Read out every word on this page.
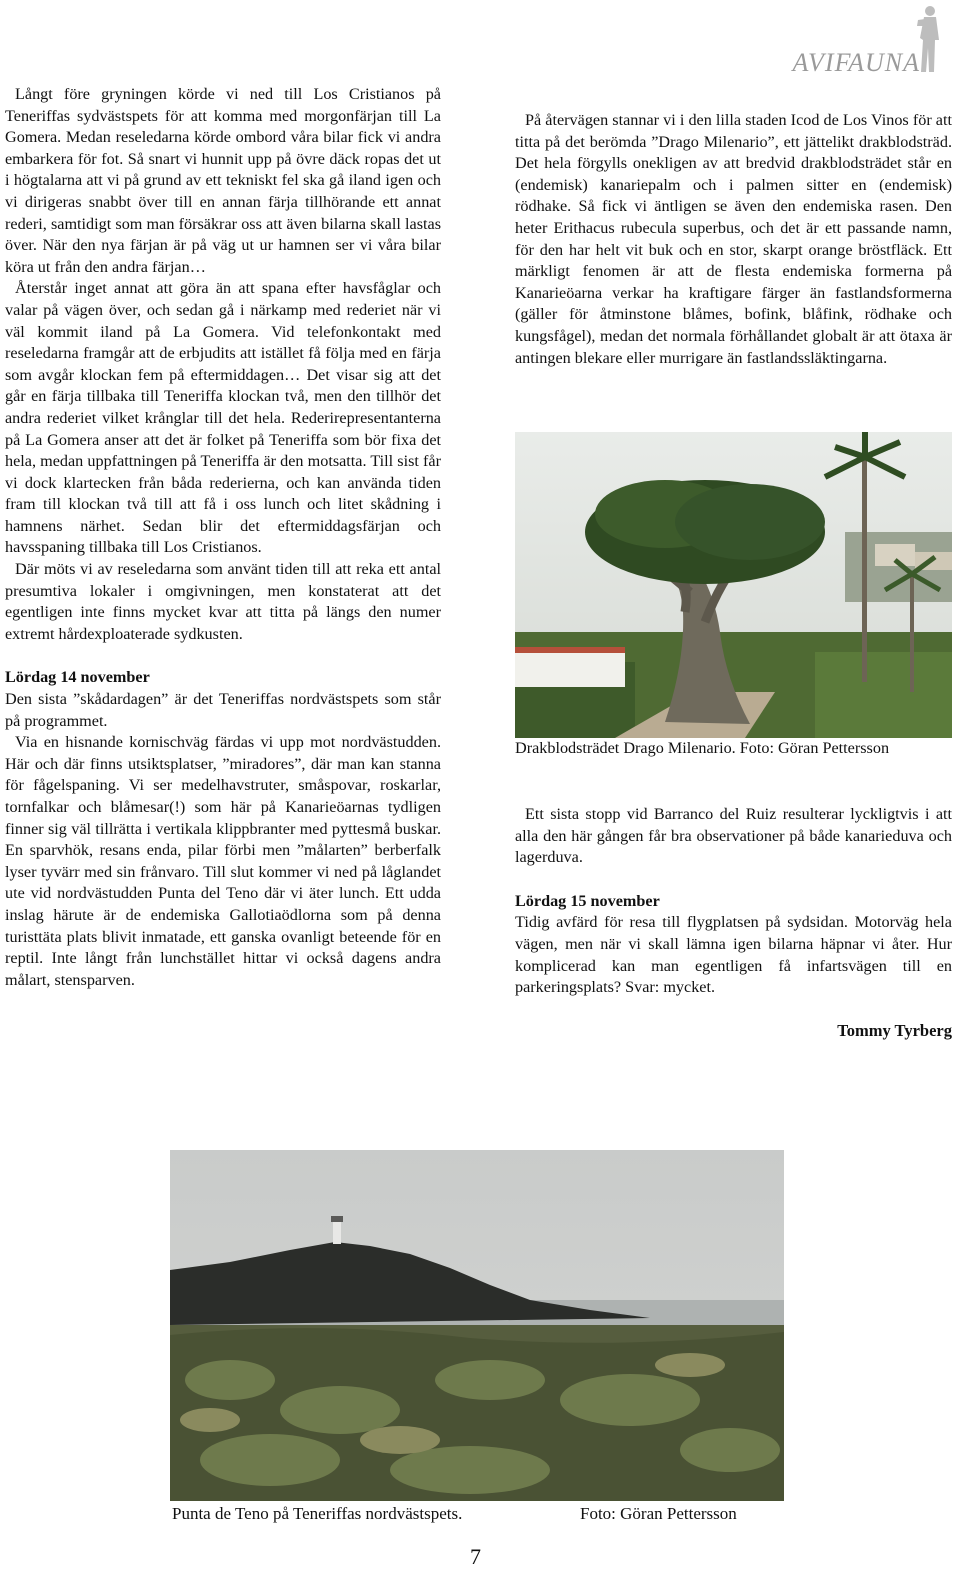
AVIFAUNA

Långt före gryningen körde vi ned till Los Cristianos på Teneriffas sydvästspets för att komma med morgonfärjan till La Gomera. Medan reseledarna körde ombord våra bilar fick vi andra embarkera för fot. Så snart vi hunnit upp på övre däck ropas det ut i högtalarna att vi på grund av ett tekniskt fel ska gå iland igen och vi dirigeras snabbt över till en annan färja tillhörande ett annat rederi, samtidigt som man försäkrar oss att även bilarna skall lastas över. När den nya färjan är på väg ut ur hamnen ser vi våra bilar köra ut från den andra färjan…

Återstår inget annat att göra än att spana efter havsfåglar och valar på vägen över, och sedan gå i närkamp med rederiet när vi väl kommit iland på La Gomera. Vid telefonkontakt med reseledarna framgår att de erbjudits att istället få följa med en färja som avgår klockan fem på eftermiddagen… Det visar sig att det går en färja tillbaka till Teneriffa klockan två, men den tillhör det andra rederiet vilket krånglar till det hela. Rederirepresentanterna på La Gomera anser att det är folket på Teneriffa som bör fixa det hela, medan uppfattningen på Teneriffa är den motsatta. Till sist får vi dock klartecken från båda rederierna, och kan använda tiden fram till klockan två till att få i oss lunch och litet skådning i hamnens närhet. Sedan blir det eftermiddagsfärjan och havsspaning tillbaka till Los Cristianos.

Där möts vi av reseledarna som använt tiden till att reka ett antal presumtiva lokaler i omgivningen, men konstaterat att det egentligen inte finns mycket kvar att titta på längs den numer extremt hårdexploaterade sydkusten.

Lördag 14 november

Den sista ”skådardagen” är det Teneriffas nordvästspets som står på programmet.

Via en hisnande kornischväg färdas vi upp mot nordvästudden. Här och där finns utsiktsplatser, ”miradores”, där man kan stanna för fågelspaning. Vi ser medelhavstruter, småspovar, roskarlar, tornfalkar och blåmesar(!) som här på Kanarieöarnas tydligen finner sig väl tillrätta i vertikala klippbranter med pyttesmå buskar. En sparvhök, resans enda, pilar förbi men ”målarten” berberfalk lyser tyvärr med sin frånvaro. Till slut kommer vi ned på låglandet ute vid nordvästudden Punta del Teno där vi äter lunch. Ett udda inslag härute är de endemiska Gallotiaödlorna som på denna turisttäta plats blivit inmatade, ett ganska ovanligt beteende för en reptil. Inte långt från lunchstället hittar vi också dagens andra målart, stensparven.

På återvägen stannar vi i den lilla staden Icod de Los Vinos för att titta på det berömda ”Drago Milenario”, ett jättelikt drakblodsträd. Det hela förgylls onekligen av att bredvid drakblodsträdet står en (endemisk) kanariepalm och i palmen sitter en (endemisk) rödhake. Så fick vi äntligen se även den endemiska rasen. Den heter Erithacus rubecula superbus, och det är ett passande namn, för den har helt vit buk och en stor, skarpt orange bröstfläck. Ett märkligt fenomen är att de flesta endemiska formerna på Kanarieöarna verkar ha kraftigare färger än fastlandsformerna (gäller för åtminstone blåmes, bofink, blåfink, rödhake och kungsfågel), medan det normala förhållandet globalt är att ötaxa är antingen blekare eller murrigare än fastlandssläktingarna.

Drakblodsträdet Drago Milenario. Foto: Göran Pettersson

Ett sista stopp vid Barranco del Ruiz resulterar lyckligtvis i att alla den här gången får bra observationer på både kanarieduva och lagerduva.

Lördag 15 november

Tidig avfärd för resa till flygplatsen på sydsidan. Motorväg hela vägen, men när vi skall lämna igen bilarna häpnar vi åter. Hur komplicerad kan man egentligen få infartsvägen till en parkeringsplats? Svar: mycket.

Tommy Tyrberg
Punta de Teno på Teneriffas nordvästspets.	Foto: Göran Pettersson
7
